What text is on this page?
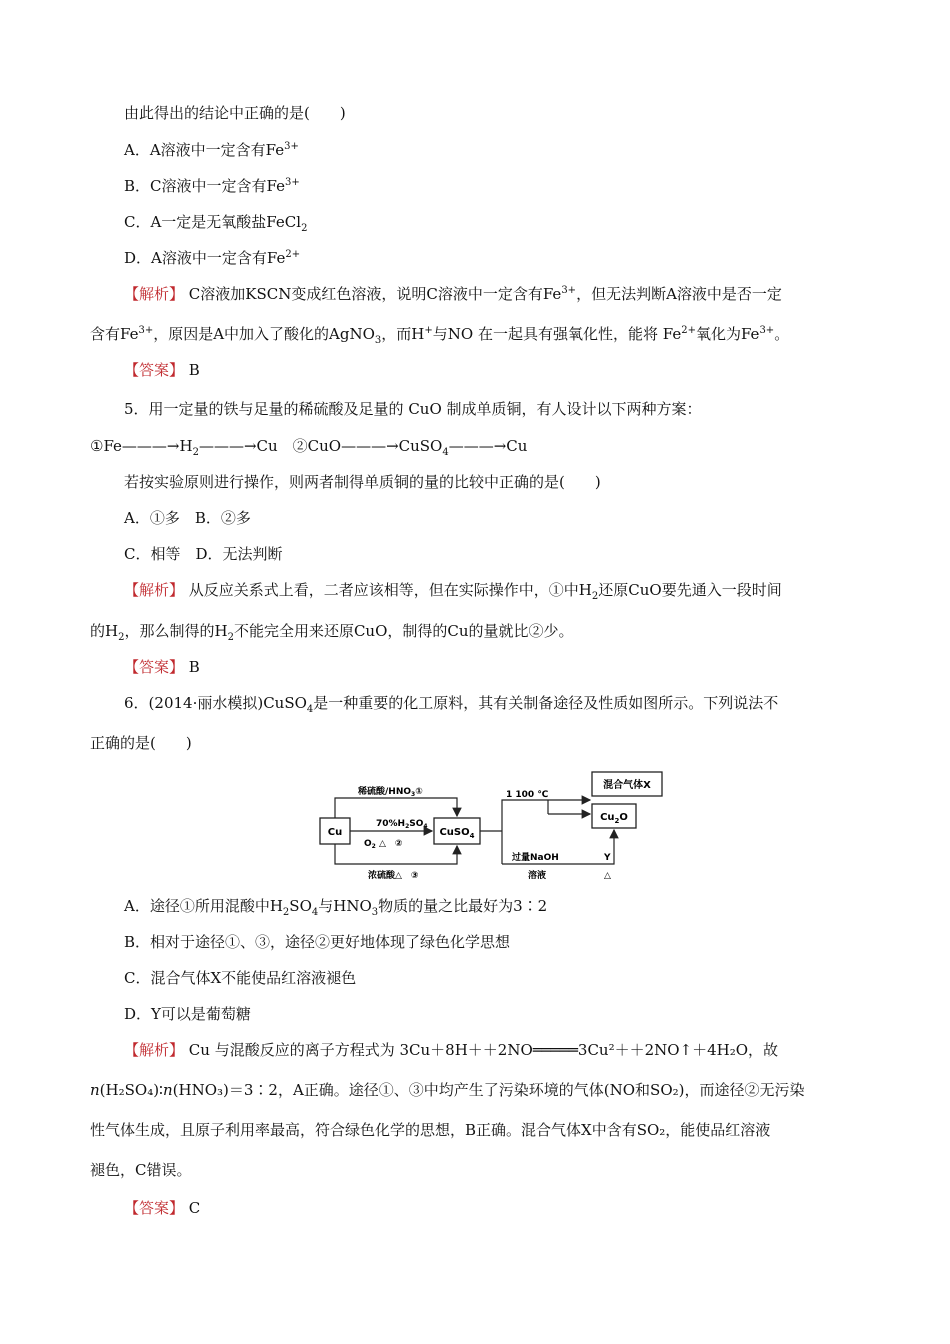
由此得出的结论中正确的是(　　)
A．A溶液中一定含有$Fe^{3+}$
B．C溶液中一定含有$Fe^{3+}$
C．A一定是无氧酸盐FeCl$_2$
D．A溶液中一定含有$Fe^{2+}$
【解析】 C溶液加KSCN变成红色溶液，说明C溶液中一定含有$Fe^{3+}$，但无法判断A溶液中是否一定
含有$Fe^{3+}$，原因是A中加入了酸化的AgNO$_3$，而H+与NO 在一起具有强氧化性，能将 $Fe^{2+}$氧化为$Fe^{3+}$。
【答案】 B
5．用一定量的铁与足量的稀硫酸及足量的 CuO 制成单质铜，有人设计以下两种方案：
$①Fe———\to H_2———\to Cu$　②CuO———→CuSO$_4$———→Cu
若按实验原则进行操作，则两者制得单质铜的量的比较中正确的是(　　)
A．①多　B．②多
C．相等　D．无法判断
【解析】 从反应关系式上看，二者应该相等，但在实际操作中，①中$H_2$还原CuO要先通入一段时间
的$H_2$，那么制得的$H_2$不能完全用来还原CuO，制得的Cu的量就比②少。
【答案】 B
6．(2014·丽水模拟)CuSO$_4$是一种重要的化工原料，其有关制备途径及性质如图所示。下列说法不
正确的是(　　)
Cu	CuSO$_4$
稀硫酸$/HNO_3①$
$70\%H_2SO_4$
$O_2$ △　②
浓硫酸△　③
1 100 ℃
混合气体X
$Cu_2O$
过量NaOH
溶液
Y
△
A．途径①所用混酸中$H_2SO_4$与$HNO_3$物质的量之比最好为3∶2
B．相对于途径①、③，途径②更好地体现了绿色化学思想
C．混合气体X不能使品红溶液褪色
D．Y可以是葡萄糖
【解析】 Cu 与混酸反应的离子方程式为 3Cu＋8H＋＋2NO═════3Cu²＋＋2NO↑＋4H₂O，故
n(H₂SO₄)∶n(HNO₃)＝3∶2，A正确。途径①、③中均产生了污染环境的气体(NO和SO₂)，而途径②无污染
性气体生成，且原子利用率最高，符合绿色化学的思想，B正确。混合气体X中含有SO₂，能使品红溶液
褪色，C错误。
【答案】 C
